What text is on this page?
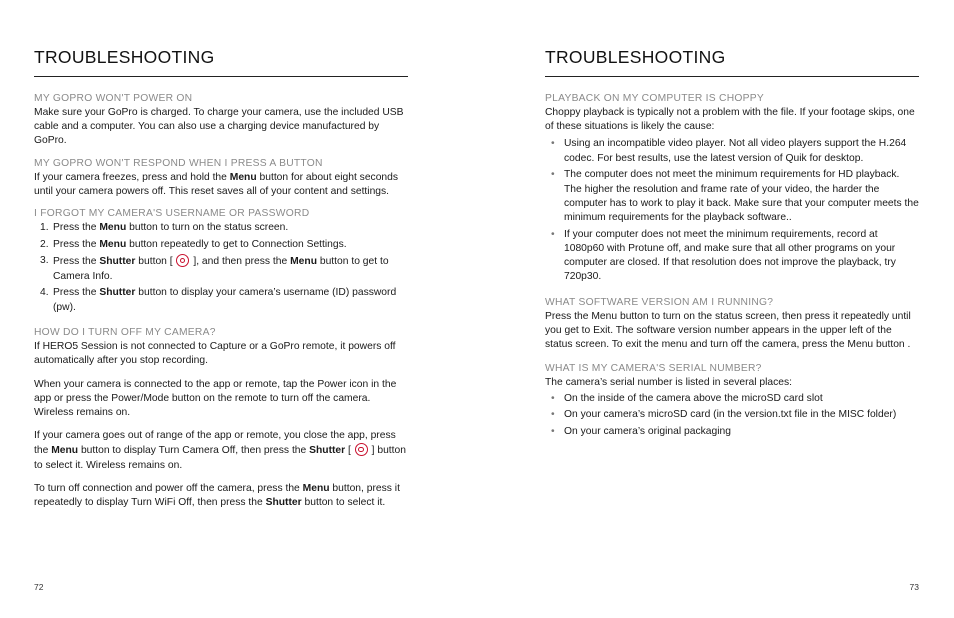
TROUBLESHOOTING

MY GOPRO WON'T POWER ON

Make sure your GoPro is charged. To charge your camera, use the included USB cable and a computer. You can also use a charging device manufactured by GoPro.

MY GOPRO WON'T RESPOND WHEN I PRESS A BUTTON

If your camera freezes, press and hold the Menu button for about eight seconds until your camera powers off. This reset saves all of your content and settings.

I FORGOT MY CAMERA'S USERNAME OR PASSWORD

1. Press the Menu button to turn on the status screen.
2. Press the Menu button repeatedly to get to Connection Settings.
3. Press the Shutter button [  ], and then press the Menu button to get to Camera Info.
4. Press the Shutter button to display your camera’s username (ID) password (pw).

HOW DO I TURN OFF MY CAMERA?

If HERO5 Session is not connected to Capture or a GoPro remote, it powers off automatically after you stop recording.

When your camera is connected to the app or remote, tap the Power icon in the app or press the Power/Mode button on the remote to turn off the camera. Wireless remains on.

If your camera goes out of range of the app or remote, you close the app, press the Menu button to display Turn Camera Off, then press the Shutter [  ] button to select it. Wireless remains on.

To turn off connection and power off the camera, press the Menu button, press it repeatedly to display Turn WiFi Off, then press the Shutter button to select it.

72
TROUBLESHOOTING

PLAYBACK ON MY COMPUTER IS CHOPPY

Choppy playback is typically not a problem with the file. If your footage skips, one of these situations is likely the cause:

• Using an incompatible video player. Not all video players support the H.264 codec. For best results, use the latest version of Quik for desktop.
• The computer does not meet the minimum requirements for HD playback. The higher the resolution and frame rate of your video, the harder the computer has to work to play it back. Make sure that your computer meets the minimum requirements for the playback software..
• If your computer does not meet the minimum requirements, record at 1080p60 with Protune off, and make sure that all other programs on your computer are closed. If that resolution does not improve the playback, try 720p30.

WHAT SOFTWARE VERSION AM I RUNNING?

Press the Menu button to turn on the status screen, then press it repeatedly until you get to Exit. The software version number appears in the upper left of the status screen. To exit the menu and turn off the camera, press the Menu button .

WHAT IS MY CAMERA'S SERIAL NUMBER?

The camera’s serial number is listed in several places:

• On the inside of the camera above the microSD card slot
• On your camera’s microSD card (in the version.txt file in the MISC folder)
• On your camera’s original packaging
73
